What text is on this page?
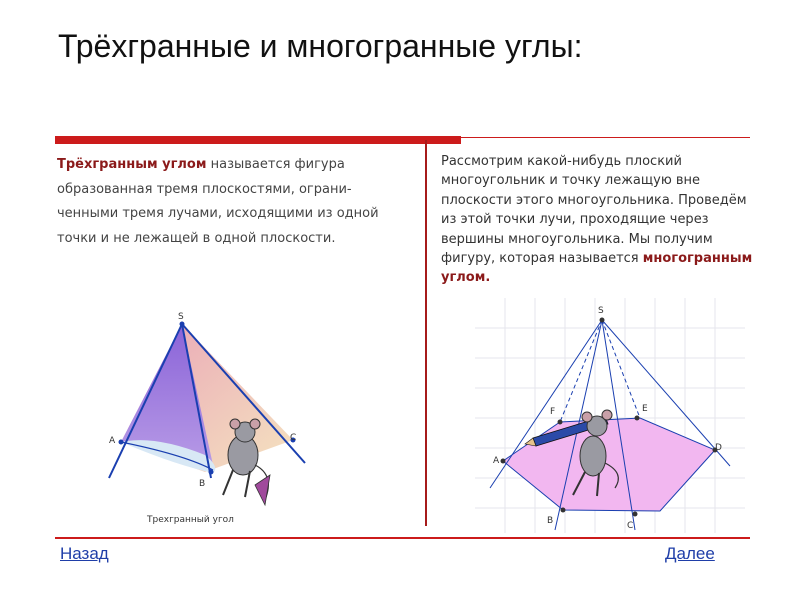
Трёхгранные и многогранные углы:
Трёхгранным углом называется фигура образованная тремя плоскостями, ограни-ченными тремя лучами, исходящими из одной точки и не лежащей в одной плоскости.
Рассмотрим какой-нибудь плоский многоугольник и точку лежащую вне плоскости этого многоугольника. Проведём из этой точки лучи, проходящие через вершины многоугольника. Мы получим фигуру, которая называется многогранным углом.
S
A
B
C
Трехгранный угол
S
A
B	C
D
E
F
Назад	Далее
